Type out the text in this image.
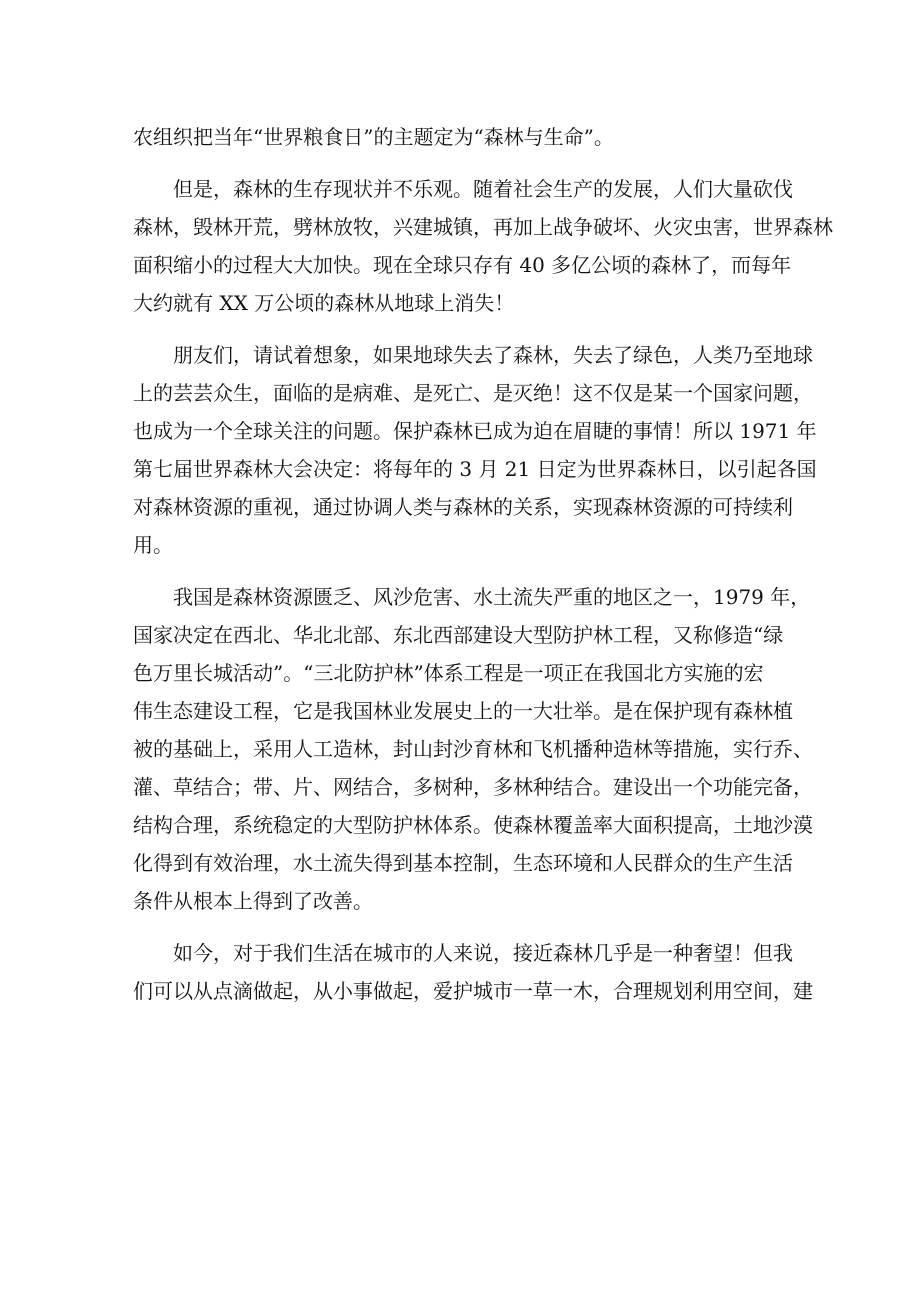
农组织把当年“世界粮食日”的主题定为“森林与生命”。
　　但是，森林的生存现状并不乐观。随着社会生产的发展，人们大量砍伐
森林，毁林开荒，劈林放牧，兴建城镇，再加上战争破坏、火灾虫害，世界森林
面积缩小的过程大大加快。现在全球只存有 40 多亿公顷的森林了，而每年
大约就有 XX 万公顷的森林从地球上消失！
　　朋友们，请试着想象，如果地球失去了森林，失去了绿色，人类乃至地球
上的芸芸众生，面临的是病难、是死亡、是灭绝！这不仅是某一个国家问题，
也成为一个全球关注的问题。保护森林已成为迫在眉睫的事情！所以 1971 年
第七届世界森林大会决定：将每年的 3 月 21 日定为世界森林日，以引起各国
对森林资源的重视，通过协调人类与森林的关系，实现森林资源的可持续利
用。
　　我国是森林资源匮乏、风沙危害、水土流失严重的地区之一，1979 年，
国家决定在西北、华北北部、东北西部建设大型防护林工程，又称修造“绿
色万里长城活动”。“三北防护林”体系工程是一项正在我国北方实施的宏
伟生态建设工程，它是我国林业发展史上的一大壮举。是在保护现有森林植
被的基础上，采用人工造林，封山封沙育林和飞机播种造林等措施，实行乔、
灌、草结合；带、片、网结合，多树种，多林种结合。建设出一个功能完备，
结构合理，系统稳定的大型防护林体系。使森林覆盖率大面积提高，土地沙漠
化得到有效治理，水土流失得到基本控制，生态环境和人民群众的生产生活
条件从根本上得到了改善。
　　如今，对于我们生活在城市的人来说，接近森林几乎是一种奢望！但我
们可以从点滴做起，从小事做起，爱护城市一草一木，合理规划利用空间，建
